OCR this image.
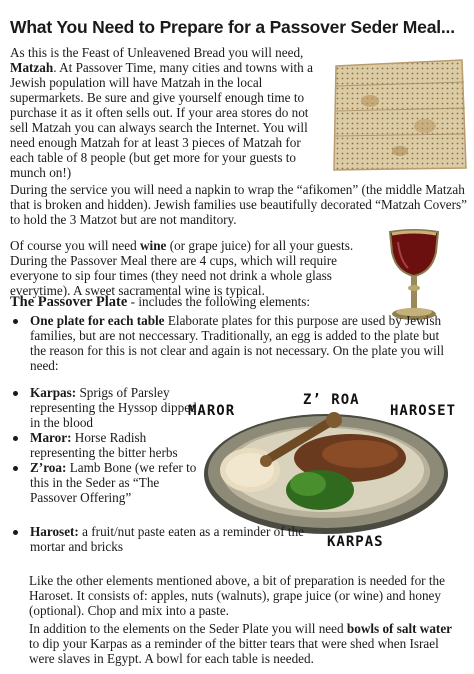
What You Need to Prepare for a Passover Seder Meal...
As this is the Feast of Unleavened Bread you will need, Matzah. At Passover Time, many cities and towns with a Jewish population will have Matzah in the local supermarkets. Be sure and give yourself enough time to purchase it as it often sells out. If your area stores do not sell Matzah you can always search the Internet. You will need enough Matzah for at least 3 pieces of Matzah for each table of 8 people (but get more for your guests to munch on!)
During the service you will need a napkin to wrap the “afikomen” (the middle Matzah that is broken and hidden). Jewish families use beautifully decorated “Matzah Covers” to hold the 3 Matzot but are not manditory.
Of course you will need wine (or grape juice) for all your guests. During the Passover Meal there are 4 cups, which will require everyone to sip four times (they need not drink a whole glass everytime). A sweet sacramental wine is typical.
The Passover Plate - includes the following elements:
One plate for each table Elaborate plates for this purpose are used by Jewish families, but are not neccessary. Traditionally, an egg is added to the plate but the reason for this is not clear and again is not necessary. On the plate you will need:
MAROR
Z’ ROA
HAROSET
KARPAS
Karpas: Sprigs of Parsley representing the Hyssop dipped in the blood
Maror: Horse Radish representing the bitter herbs
Z’roa: Lamb Bone (we refer to this in the Seder as “The Passover Offering”
Haroset: a fruit/nut paste eaten as a reminder of the mortar and bricks
Like the other elements mentioned above, a bit of preparation is needed for the Haroset. It consists of: apples, nuts (walnuts), grape juice (or wine) and honey (optional). Chop and mix into a paste.
In addition to the elements on the Seder Plate you will need bowls of salt water to dip your Karpas as a reminder of the bitter tears that were shed when Israel were slaves in Egypt. A bowl for each table is needed.
